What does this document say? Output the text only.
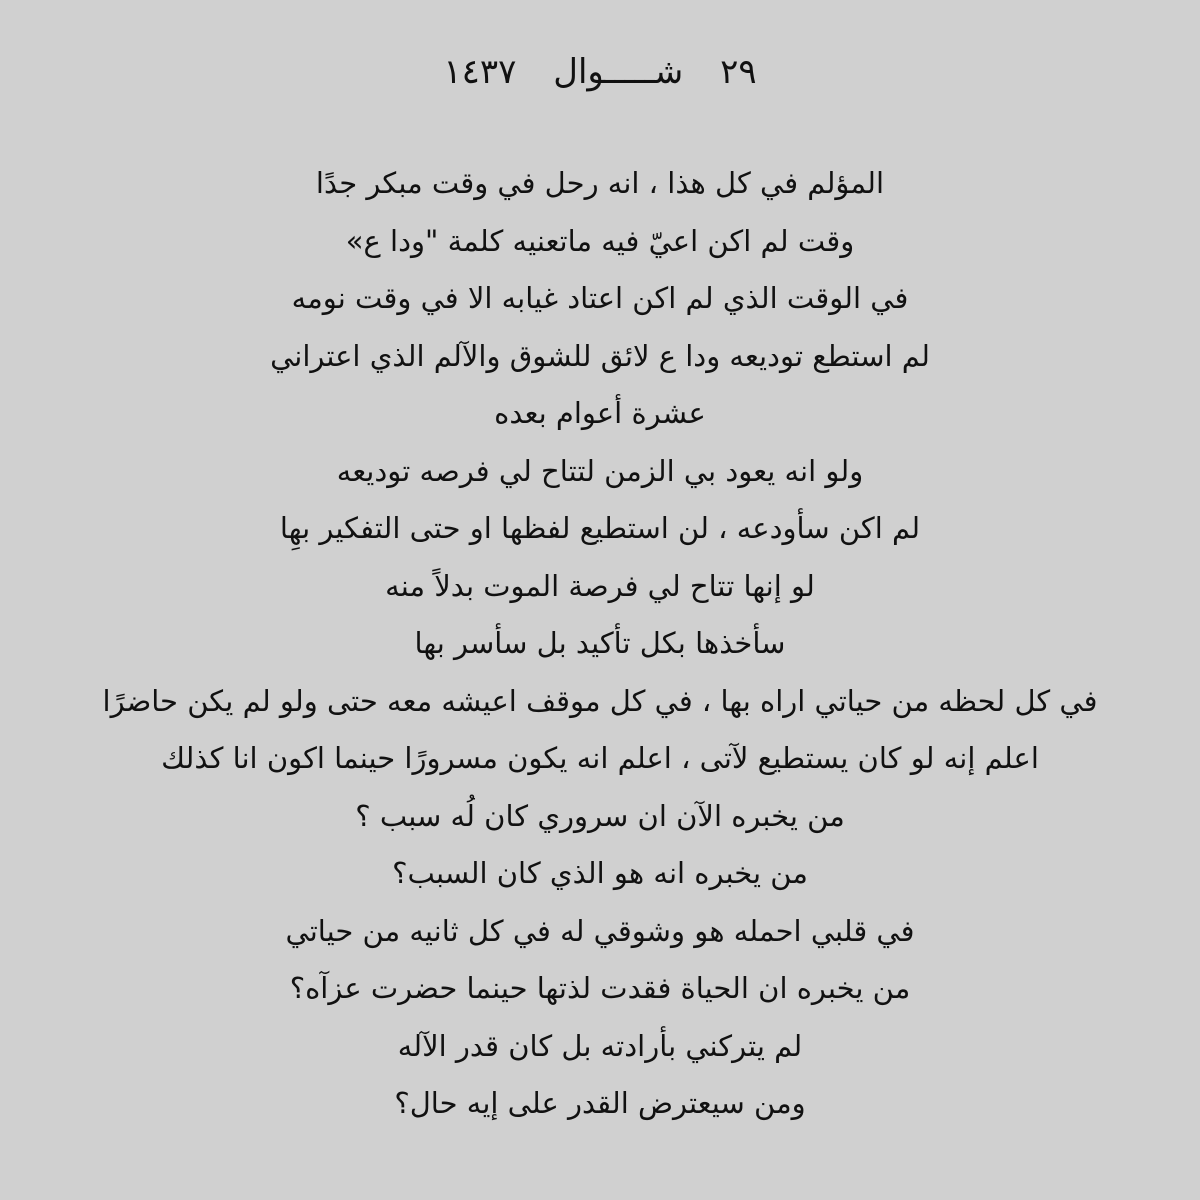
٢٩ شـــــوال ١٤٣٧
المؤلم في كل هذا ، انه رحل في وقت مبكر جدًا
وقت لم اكن اعيّ فيه ماتعنيه كلمة "ودا ع»
في الوقت الذي لم اكن اعتاد غيابه الا في وقت نومه
لم استطع توديعه ودا ع لائق للشوق والآلم الذي اعتراني
عشرة أعوام بعده
ولو انه يعود بي الزمن لتتاح لي فرصه توديعه
لم اكن سأودعه ، لن استطيع لفظها او حتى التفكير بهِا
لو إنها تتاح لي فرصة الموت بدلاً منه
سأخذها بكل تأكيد بل سأسر بها
في كل لحظه من حياتي اراه بها ، في كل موقف اعيشه معه حتى ولو لم يكن حاضرًا
اعلم إنه لو كان يستطيع لآتى ، اعلم انه يكون مسرورًا حينما اكون انا كذلك
من يخبره الآن ان سروري كان لُه سبب ؟
من يخبره انه هو الذي كان السبب؟
في قلبي احمله هو وشوقي له في كل ثانيه من حياتي
من يخبره ان الحياة فقدت لذتها حينما حضرت عزآه؟
لم يتركني بأرادته بل كان قدر الآله
ومن سيعترض القدر على إيه حال؟
